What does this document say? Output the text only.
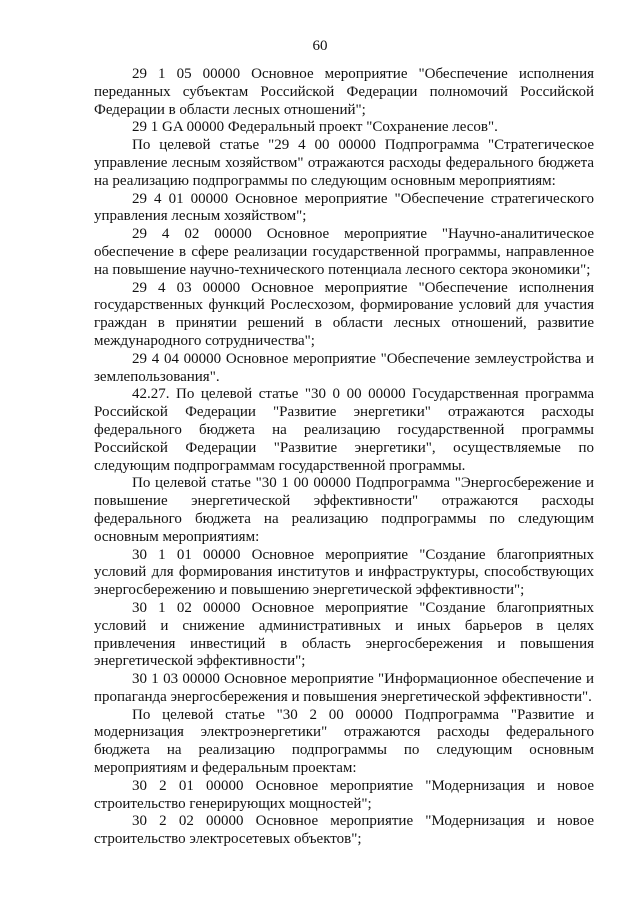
60

29 1 05 00000 Основное мероприятие "Обеспечение исполнения переданных субъектам Российской Федерации полномочий Российской Федерации в области лесных отношений";

29 1 GA 00000 Федеральный проект "Сохранение лесов".

По целевой статье "29 4 00 00000 Подпрограмма "Стратегическое управление лесным хозяйством" отражаются расходы федерального бюджета на реализацию подпрограммы по следующим основным мероприятиям:

29 4 01 00000 Основное мероприятие "Обеспечение стратегического управления лесным хозяйством";

29 4 02 00000 Основное мероприятие "Научно-аналитическое обеспечение в сфере реализации государственной программы, направленное на повышение научно-технического потенциала лесного сектора экономики";

29 4 03 00000 Основное мероприятие "Обеспечение исполнения государственных функций Рослесхозом, формирование условий для участия граждан в принятии решений в области лесных отношений, развитие международного сотрудничества";

29 4 04 00000 Основное мероприятие "Обеспечение землеустройства и землепользования".

42.27. По целевой статье "30 0 00 00000 Государственная программа Российской Федерации "Развитие энергетики" отражаются расходы федерального бюджета на реализацию государственной программы Российской Федерации "Развитие энергетики", осуществляемые по следующим подпрограммам государственной программы.

По целевой статье "30 1 00 00000 Подпрограмма "Энергосбережение и повышение энергетической эффективности" отражаются расходы федерального бюджета на реализацию подпрограммы по следующим основным мероприятиям:

30 1 01 00000 Основное мероприятие "Создание благоприятных условий для формирования институтов и инфраструктуры, способствующих энергосбережению и повышению энергетической эффективности";

30 1 02 00000 Основное мероприятие "Создание благоприятных условий и снижение административных и иных барьеров в целях привлечения инвестиций в область энергосбережения и повышения энергетической эффективности";

30 1 03 00000 Основное мероприятие "Информационное обеспечение и пропаганда энергосбережения и повышения энергетической эффективности".

По целевой статье "30 2 00 00000 Подпрограмма "Развитие и модернизация электроэнергетики" отражаются расходы федерального бюджета на реализацию подпрограммы по следующим основным мероприятиям и федеральным проектам:

30 2 01 00000 Основное мероприятие "Модернизация и новое строительство генерирующих мощностей";

30 2 02 00000 Основное мероприятие "Модернизация и новое строительство электросетевых объектов";
